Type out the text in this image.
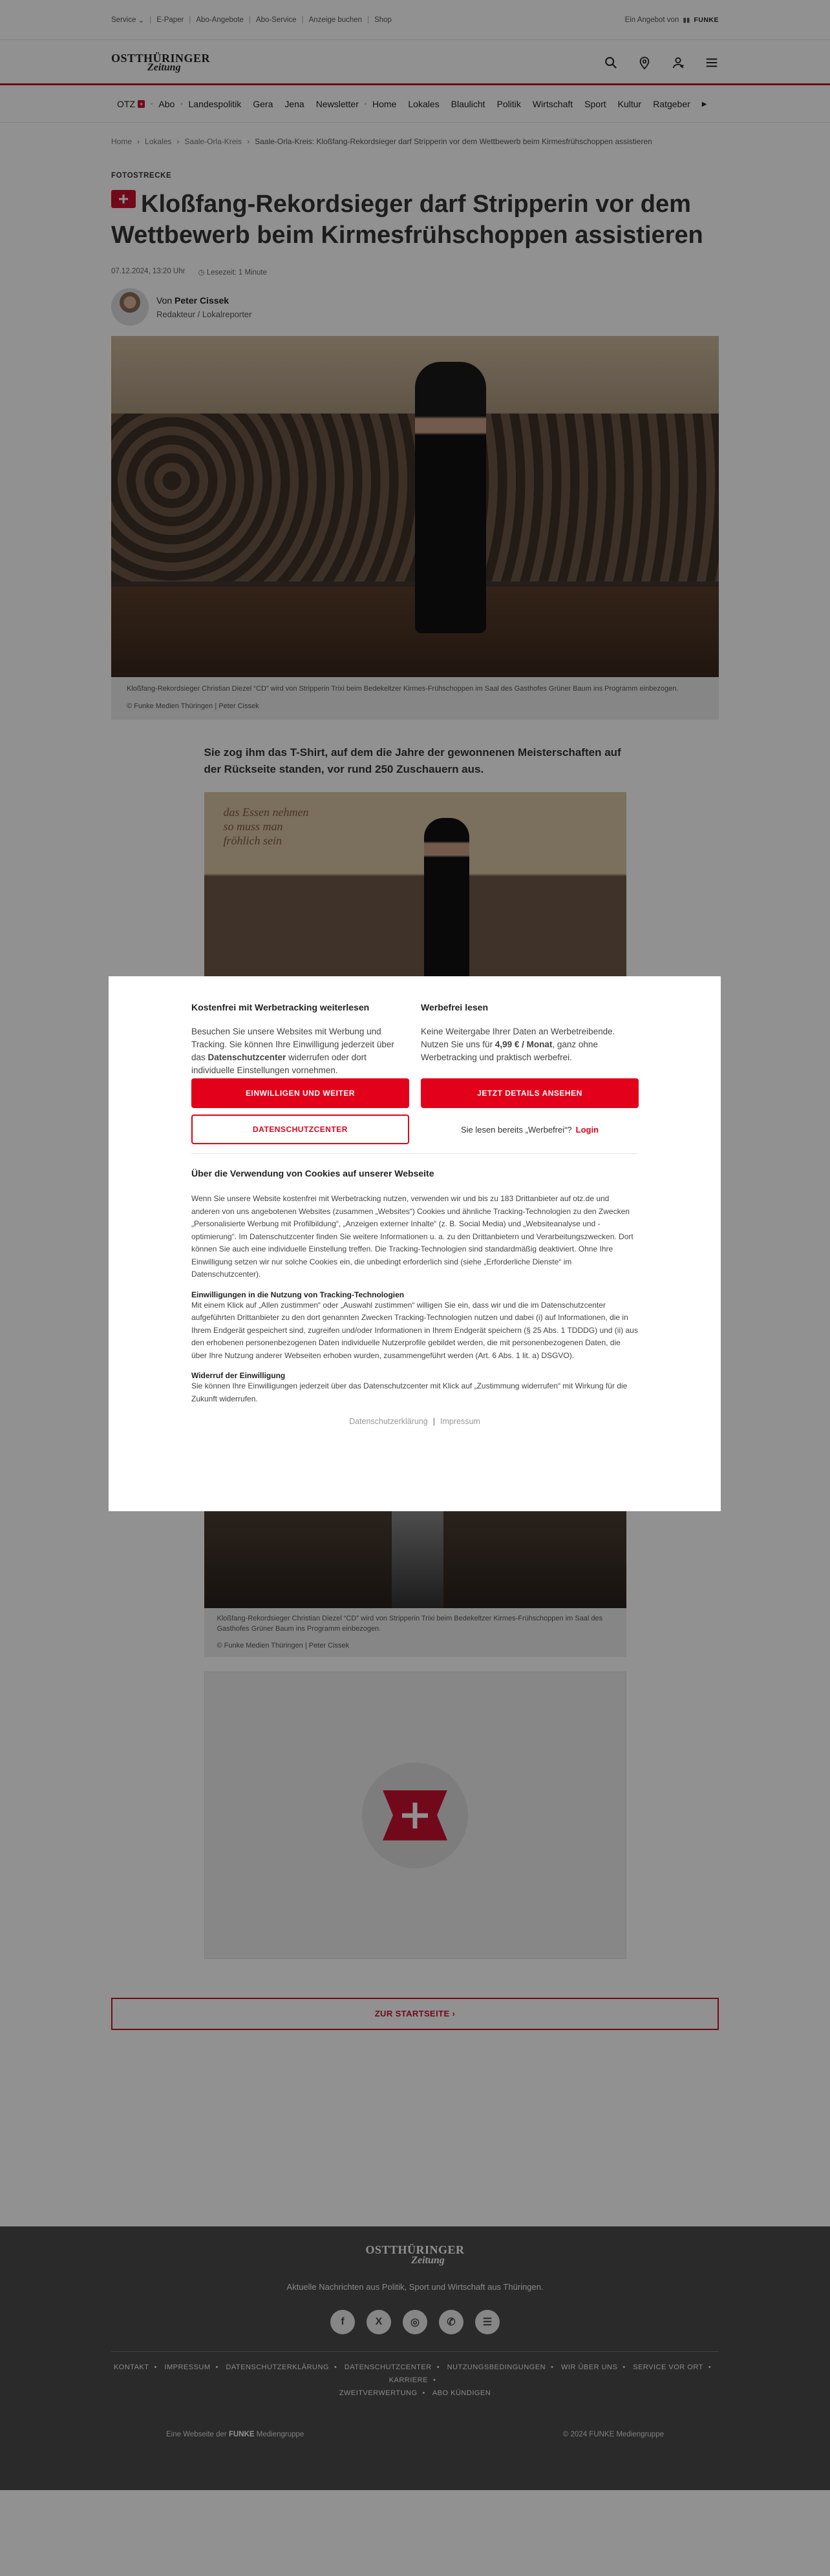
Service ⌄ | E-Paper | Abo-Angebote | Abo-Service | Anzeige buchen | Shop	Ein Angebot von ▮▮ FUNKE
OSTTHÜRINGER
Zeitung
OTZ +	• Abo	• Landespolitik	Gera	Jena	Newsletter	• Home	Lokales	Blaulicht	Politik	Wirtschaft	Sport	Kultur	Ratgeber	▶
Home › Lokales › Saale-Orla-Kreis › Saale-Orla-Kreis: Kloßfang-Rekordsieger darf Stripperin vor dem Wettbewerb beim Kirmesfrühschoppen assistieren
FOTOSTRECKE
Kloßfang-Rekordsieger darf Stripperin vor dem Wettbewerb beim Kirmesfrühschoppen assistieren
07.12.2024, 13:20 Uhr ◷ Lesezeit: 1 Minute
Von Peter Cissek
Redakteur / Lokalreporter
Kloßfang-Rekordsieger Christian Diezel “CD” wird von Stripperin Trixi beim Bedekeltzer Kirmes-Frühschoppen im Saal des Gasthofes Grüner Baum ins Programm einbezogen.
© Funke Medien Thüringen | Peter Cissek

Sie zog ihm das T-Shirt, auf dem die Jahre der gewonnenen Meisterschaften auf der Rückseite standen, vor rund 250 Zuschauern aus.

das Essen nehmen
so muss man
fröhlich sein
Kloßfang-Rekordsieger Christian Diezel “CD” wird von Stripperin Trixi beim Bedekeltzer Kirmes-Frühschoppen im Saal des Gasthofes Grüner Baum ins Programm einbezogen.
© Funke Medien Thüringen | Peter Cissek
ZUR STARTSEITE ›
OSTTHÜRINGER
Zeitung
Aktuelle Nachrichten aus Politik, Sport und Wirtschaft aus Thüringen.
f	X	◎	✆	☰
KONTAKT • IMPRESSUM • DATENSCHUTZERKLÄRUNG • DATENSCHUTZCENTER • NUTZUNGSBEDINGUNGEN • WIR ÜBER UNS • SERVICE VOR ORT • KARRIERE •
ZWEITVERWERTUNG • ABO KÜNDIGEN
Eine Webseite der FUNKE Mediengruppe	© 2024 FUNKE Mediengruppe
Kostenfrei mit Werbetracking weiterlesen

Besuchen Sie unsere Websites mit Werbung und Tracking. Sie können Ihre Einwilligung jederzeit über das Datenschutzcenter widerrufen oder dort individuelle Einstellungen vornehmen.

EINWILLIGEN UND WEITER
DATENSCHUTZCENTER
Werbefrei lesen

Keine Weitergabe Ihrer Daten an Werbetreibende. Nutzen Sie uns für 4,99 € / Monat, ganz ohne Werbetracking und praktisch werbefrei.

JETZT DETAILS ANSEHEN
Sie lesen bereits „Werbefrei“? Login
Über die Verwendung von Cookies auf unserer Webseite

Wenn Sie unsere Website kostenfrei mit Werbetracking nutzen, verwenden wir und bis zu 183 Drittanbieter auf otz.de und anderen von uns angebotenen Websites (zusammen „Websites“) Cookies und ähnliche Tracking-Technologien zu den Zwecken „Personalisierte Werbung mit Profilbildung“, „Anzeigen externer Inhalte“ (z. B. Social Media) und „Websiteanalyse und -optimierung“. Im Datenschutzcenter finden Sie weitere Informationen u. a. zu den Drittanbietern und Verarbeitungszwecken. Dort können Sie auch eine individuelle Einstellung treffen. Die Tracking-Technologien sind standardmäßig deaktiviert. Ohne Ihre Einwilligung setzen wir nur solche Cookies ein, die unbedingt erforderlich sind (siehe „Erforderliche Dienste“ im Datenschutzcenter).

Einwilligungen in die Nutzung von Tracking-Technologien

Mit einem Klick auf „Allen zustimmen“ oder „Auswahl zustimmen“ willigen Sie ein, dass wir und die im Datenschutzcenter aufgeführten Drittanbieter zu den dort genannten Zwecken Tracking-Technologien nutzen und dabei (i) auf Informationen, die in Ihrem Endgerät gespeichert sind, zugreifen und/oder Informationen in Ihrem Endgerät speichern (§ 25 Abs. 1 TDDDG) und (ii) aus den erhobenen personenbezogenen Daten individuelle Nutzerprofile gebildet werden, die mit personenbezogenen Daten, die über Ihre Nutzung anderer Webseiten erhoben wurden, zusammengeführt werden (Art. 6 Abs. 1 lit. a) DSGVO).

Widerruf der Einwilligung

Sie können Ihre Einwilligungen jederzeit über das Datenschutzcenter mit Klick auf „Zustimmung widerrufen“ mit Wirkung für die Zukunft widerrufen.

Datenschutzerklärung | Impressum
